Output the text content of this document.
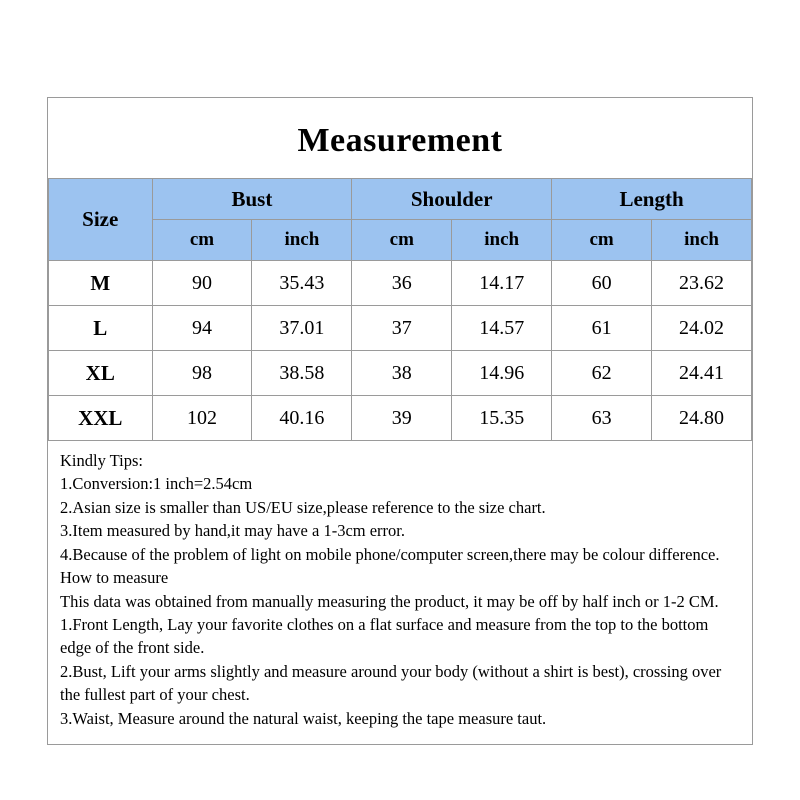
Measurement
Size	Bust		Shoulder		Length	
	cm	inch	cm	inch	cm	inch
M	90	35.43	36	14.17	60	23.62
L	94	37.01	37	14.57	61	24.02
XL	98	38.58	38	14.96	62	24.41
XXL	102	40.16	39	15.35	63	24.80
Kindly Tips:
1.Conversion:1 inch=2.54cm
2.Asian size is smaller than US/EU size,please reference to the size chart.
3.Item measured by hand,it may have a 1-3cm error.
4.Because of the problem of light on mobile phone/computer screen,there may be colour difference.
How to measure
This data was obtained from manually measuring the product, it may be off by half inch or 1-2 CM.
1.Front Length, Lay your favorite clothes on a flat surface and measure from the top to the bottom edge of the front side.
2.Bust, Lift your arms slightly and measure around your body (without a shirt is best), crossing over the fullest part of your chest.
3.Waist, Measure around the natural waist, keeping the tape measure taut.
